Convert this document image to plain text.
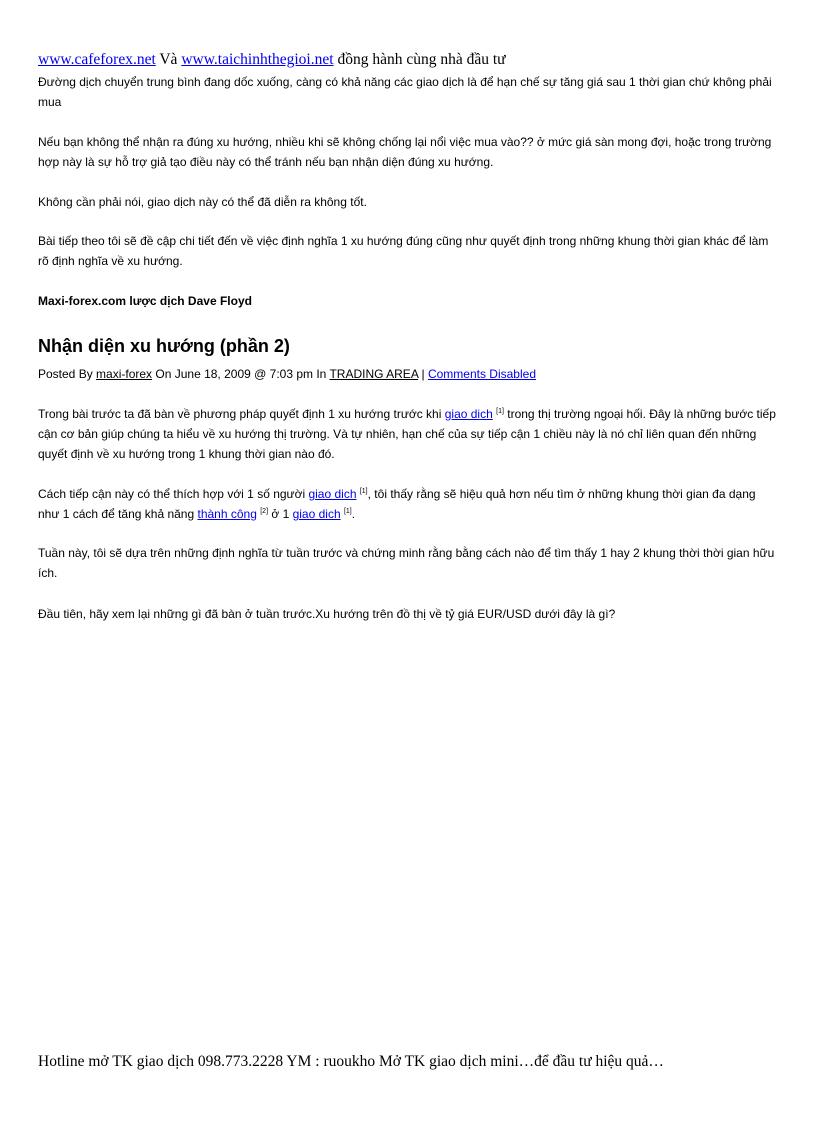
www.cafeforex.net Và www.taichinhthegioi.net đồng hành cùng nhà đầu tư

Đường dịch chuyển trung bình đang dốc xuống, càng có khả năng các giao dịch là để hạn chế sự tăng giá sau 1 thời gian chứ không phải mua

Nếu bạn không thể nhận ra đúng xu hướng, nhiều khi sẽ không chống lại nổi việc mua vào?? ở mức giá sàn mong đợi, hoặc trong trường hợp này là sự hỗ trợ giả tạo điều này có thể tránh nếu bạn nhận diện đúng xu hướng.

Không cần phải nói, giao dịch này có thể đã diễn ra không tốt.

Bài tiếp theo tôi sẽ đề cập chi tiết đến về việc định nghĩa 1 xu hướng đúng cũng như quyết định trong những khung thời gian khác để làm rõ định nghĩa về xu hướng.

Maxi-forex.com lược dịch Dave Floyd
Nhận diện xu hướng (phần 2)
Posted By maxi-forex On June 18, 2009 @ 7:03 pm In TRADING AREA | Comments Disabled

Trong bài trước ta đã bàn về phương pháp quyết định 1 xu hướng trước khi giao dich [1] trong thị trường ngoại hối. Đây là những bước tiếp cận cơ bản giúp chúng ta hiểu về xu hướng thị trường. Và tự nhiên, hạn chế của sự tiếp cận 1 chiều này là nó chỉ liên quan đến những quyết định về xu hướng trong 1 khung thời gian nào đó.

Cách tiếp cận này có thể thích hợp với 1 số người giao dich [1], tôi thấy rằng sẽ hiệu quả hơn nếu tìm ở những khung thời gian đa dạng như 1 cách để tăng khả năng thành công [2] ở 1 giao dich [1].

Tuần này, tôi sẽ dựa trên những định nghĩa từ tuần trước và chứng minh rằng bằng cách nào để tìm thấy 1 hay 2 khung thời thời gian hữu ích.

Đầu tiên, hãy xem lại những gì đã bàn ở tuần trước.Xu hướng trên đồ thị về tỷ giá EUR/USD dưới đây là gì?

Hotline mở TK giao dịch 098.773.2228 YM : ruoukho Mở TK giao dịch mini…để đầu tư hiệu quả…
